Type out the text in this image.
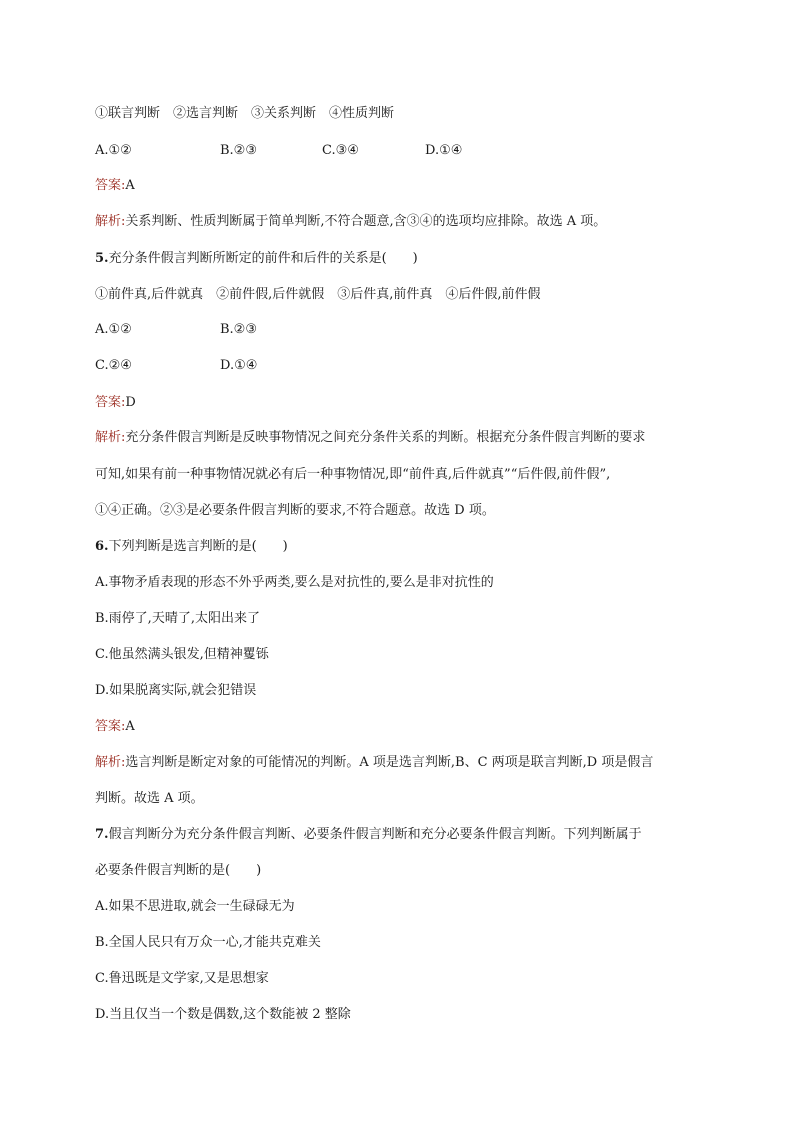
①联言判断　②选言判断　③关系判断　④性质判断
A.①②	B.②③	C.③④	D.①④
答案:A
解析:关系判断、性质判断属于简单判断,不符合题意,含③④的选项均应排除。故选 A 项。
5.充分条件假言判断所断定的前件和后件的关系是(　　)
①前件真,后件就真　②前件假,后件就假　③后件真,前件真　④后件假,前件假
A.①②	B.②③
C.②④	D.①④
答案:D
解析:充分条件假言判断是反映事物情况之间充分条件关系的判断。根据充分条件假言判断的要求
可知,如果有前一种事物情况就必有后一种事物情况,即“前件真,后件就真”“后件假,前件假”,
①④正确。②③是必要条件假言判断的要求,不符合题意。故选 D 项。
6.下列判断是选言判断的是(　　)
A.事物矛盾表现的形态不外乎两类,要么是对抗性的,要么是非对抗性的
B.雨停了,天晴了,太阳出来了
C.他虽然满头银发,但精神矍铄
D.如果脱离实际,就会犯错误
答案:A
解析:选言判断是断定对象的可能情况的判断。A 项是选言判断,B、C 两项是联言判断,D 项是假言
判断。故选 A 项。
7.假言判断分为充分条件假言判断、必要条件假言判断和充分必要条件假言判断。下列判断属于
必要条件假言判断的是(　　)
A.如果不思进取,就会一生碌碌无为
B.全国人民只有万众一心,才能共克难关
C.鲁迅既是文学家,又是思想家
D.当且仅当一个数是偶数,这个数能被 2 整除
